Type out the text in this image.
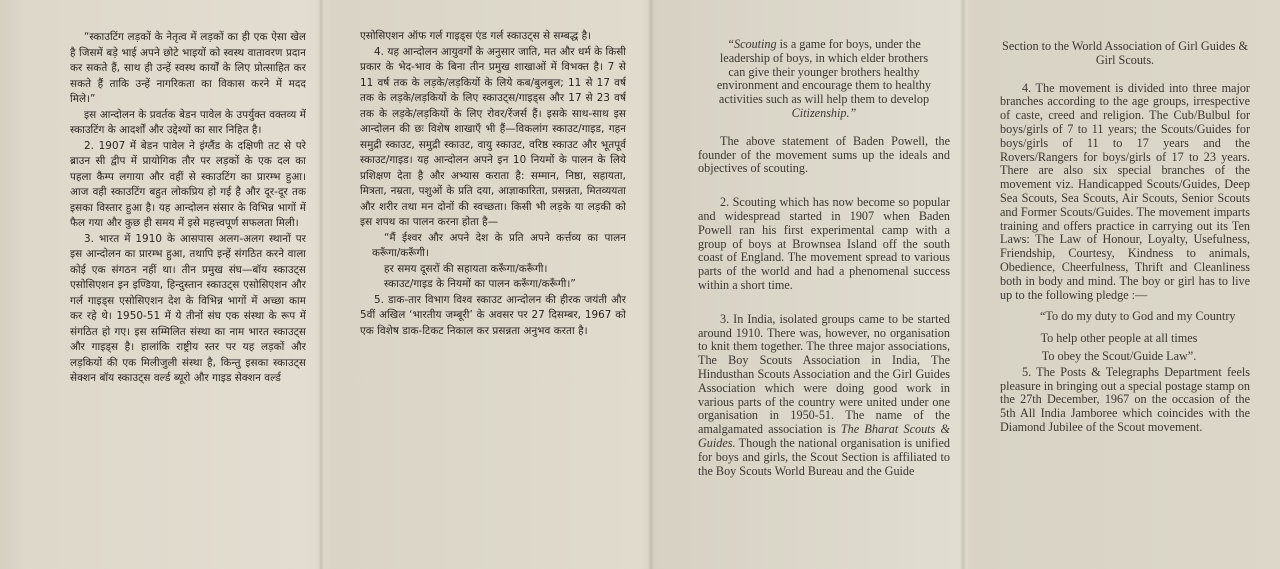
“स्काउटिंग लड़कों के नेतृत्व में लड़कों का ही एक ऐसा खेल है जिसमें बड़े भाई अपने छोटे भाइयों को स्वस्थ वातावरण प्रदान कर सकते हैं, साथ ही उन्हें स्वस्थ कार्यों के लिए प्रोत्साहित कर सकते हैं ताकि उन्हें नागरिकता का विकास करने में मदद मिले।”

इस आन्दोलन के प्रवर्तक बेडन पावेल के उपर्युक्त वक्तव्य में स्काउटिंग के आदर्शों और उद्देश्यों का सार निहित है।

2. 1907 में बेडन पावेल ने इंग्लैंड के दक्षिणी तट से परे ब्राउन सी द्वीप में प्रायोगिक तौर पर लड़कों के एक दल का पहला कैम्प लगाया और वहीं से स्काउटिंग का प्रारम्भ हुआ। आज वही स्काउटिंग बहुत लोकप्रिय हो गई है और दूर-दूर तक इसका विस्तार हुआ है। यह आन्दोलन संसार के विभिन्न भागों में फैल गया और कुछ ही समय में इसे महत्त्वपूर्ण सफलता मिली।

3. भारत में 1910 के आसपास अलग-अलग स्थानों पर इस आन्दोलन का प्रारम्भ हुआ, तथापि इन्हें संगठित करने वाला कोई एक संगठन नहीं था। तीन प्रमुख संघ—बॉय स्काउट्स एसोसिएशन इन इण्डिया, हिन्दुस्तान स्काउट्स एसोसिएशन और गर्ल गाइड्स एसोसिएशन देश के विभिन्न भागों में अच्छा काम कर रहे थे। 1950-51 में ये तीनों संघ एक संस्था के रूप में संगठित हो गए। इस सम्मिलित संस्था का नाम भारत स्काउट्स और गाइड्स है। हालांकि राष्ट्रीय स्तर पर यह लड़कों और लड़कियों की एक मिलीजुली संस्था है, किन्तु इसका स्काउट्स सेक्शन बॉय स्काउट्स वर्ल्ड ब्यूरो और गाइड सेक्शन वर्ल्ड

एसोसिएशन ऑफ गर्ल गाइड्स एंड गर्ल स्काउट्स से सम्बद्ध है।

4. यह आन्दोलन आयुवर्गों के अनुसार जाति, मत और धर्म के किसी प्रकार के भेद-भाव के बिना तीन प्रमुख शाखाओं में विभक्त है। 7 से 11 वर्ष तक के लड़के/लड़कियों के लिये कब/बुलबुल; 11 से 17 वर्ष तक के लड़के/लड़कियों के लिए स्काउट्स/गाइड्स और 17 से 23 वर्ष तक के लड़के/लड़कियों के लिए रोवर/रेंजर्स हैं। इसके साथ-साथ इस आन्दोलन की छः विशेष शाखाएँ भी हैं—विकलांग स्काउट/गाइड, गहन समुद्री स्काउट, समुद्री स्काउट, वायु स्काउट, वरिष्ठ स्काउट और भूतपूर्व स्काउट/गाइड। यह आन्दोलन अपने इन 10 नियमों के पालन के लिये प्रशिक्षण देता है और अभ्यास कराता है: सम्मान, निष्ठा, सहायता, मित्रता, नम्रता, पशुओं के प्रति दया, आज्ञाकारिता, प्रसन्नता, मितव्ययता और शरीर तथा मन दोनों की स्वच्छता। किसी भी लड़के या लड़की को इस शपथ का पालन करना होता है—

“मैं ईश्वर और अपने देश के प्रति अपने कर्त्तव्य का पालन करूँगा/करूँगी।

हर समय दूसरों की सहायता करूँगा/करूँगी।

स्काउट/गाइड के नियमों का पालन करूँगा/करूँगी।”

5. डाक-तार विभाग विश्व स्काउट आन्दोलन की हीरक जयंती और 5वीं अखिल ‘भारतीय जम्बूरी’ के अवसर पर 27 दिसम्बर, 1967 को एक विशेष डाक-टिकट निकाल कर प्रसन्नता अनुभव करता है।

“Scouting is a game for boys, under the leadership of boys, in which elder brothers can give their younger brothers healthy environment and encourage them to healthy activities such as will help them to develop Citizenship.”

The above statement of Baden Powell, the founder of the movement sums up the ideals and objectives of scouting.

2. Scouting which has now become so popular and widespread started in 1907 when Baden Powell ran his first experimental camp with a group of boys at Brownsea Island off the south coast of England. The movement spread to various parts of the world and had a phenomenal success within a short time.

3. In India, isolated groups came to be started around 1910. There was, however, no organisation to knit them together. The three major associations, The Boy Scouts Association in India, The Hindusthan Scouts Association and the Girl Guides Association which were doing good work in various parts of the country were united under one organisation in 1950-51. The name of the amalgamated association is The Bharat Scouts & Guides. Though the national organisation is unified for boys and girls, the Scout Section is affiliated to the Boy Scouts World Bureau and the Guide

Section to the World Association of Girl Guides & Girl Scouts.

4. The movement is divided into three major branches according to the age groups, irrespective of caste, creed and religion. The Cub/Bulbul for boys/girls of 7 to 11 years; the Scouts/Guides for boys/girls of 11 to 17 years and the Rovers/Rangers for boys/girls of 17 to 23 years. There are also six special branches of the movement viz. Handicapped Scouts/Guides, Deep Sea Scouts, Sea Scouts, Air Scouts, Senior Scouts and Former Scouts/Guides. The movement imparts training and offers practice in carrying out its Ten Laws: The Law of Honour, Loyalty, Usefulness, Friendship, Courtesy, Kindness to animals, Obedience, Cheerfulness, Thrift and Cleanliness both in body and mind. The boy or girl has to live up to the following pledge :—

“To do my duty to God and my Country

To help other people at all times

To obey the Scout/Guide Law”.

5. The Posts & Telegraphs Department feels pleasure in bringing out a special postage stamp on the 27th December, 1967 on the occasion of the 5th All India Jamboree which coincides with the Diamond Jubilee of the Scout movement.
